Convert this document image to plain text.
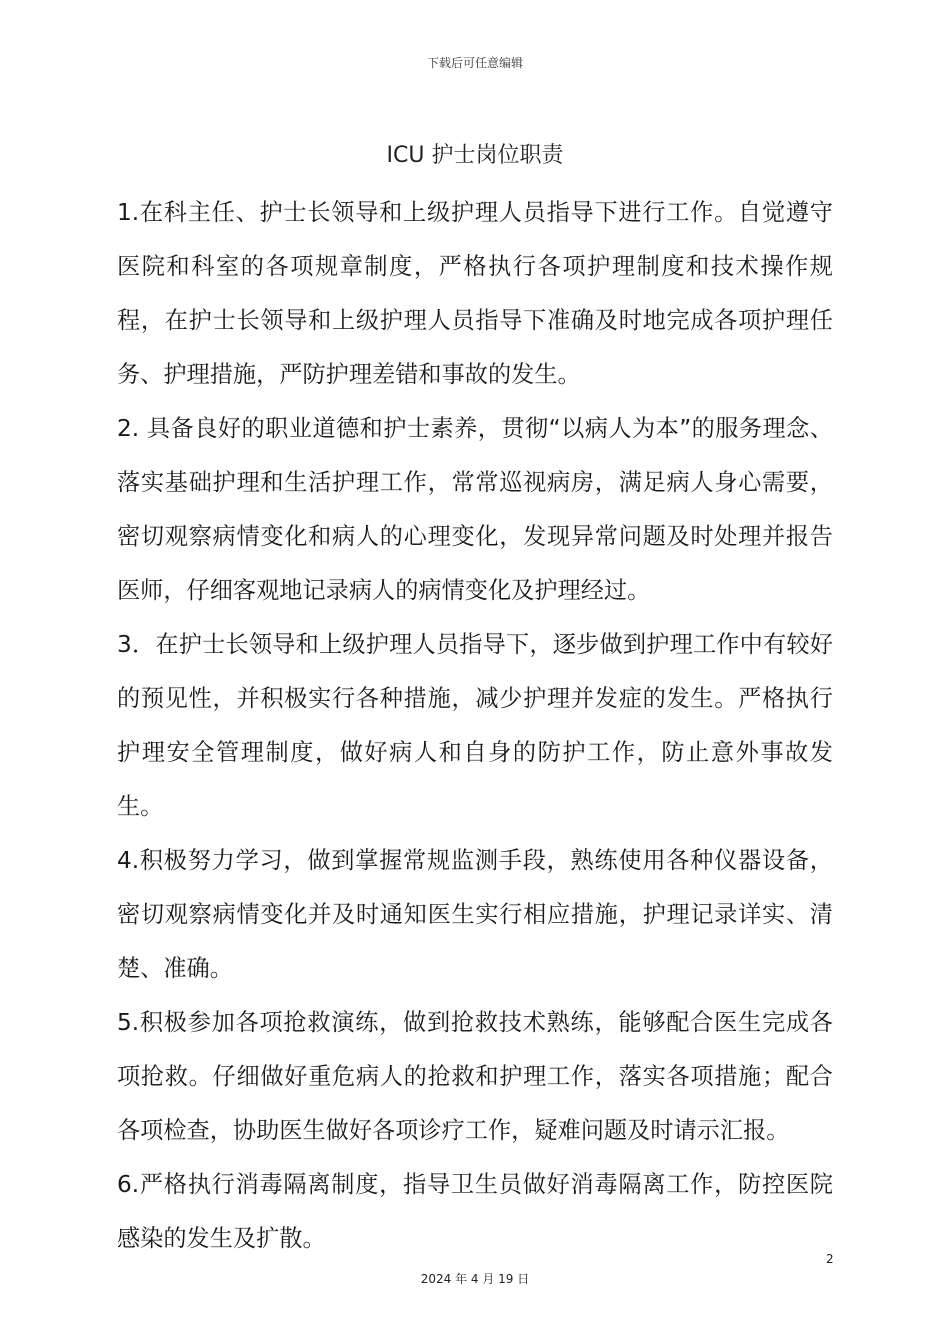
下载后可任意编辑
ICU 护士岗位职责

1.在科主任、护士长领导和上级护理人员指导下进行工作。自觉遵守医院和科室的各项规章制度，严格执行各项护理制度和技术操作规程，在护士长领导和上级护理人员指导下准确及时地完成各项护理任务、护理措施，严防护理差错和事故的发生。

2. 具备良好的职业道德和护士素养，贯彻“以病人为本”的服务理念、落实基础护理和生活护理工作，常常巡视病房，满足病人身心需要，密切观察病情变化和病人的心理变化，发现异常问题及时处理并报告医师，仔细客观地记录病人的病情变化及护理经过。

3．在护士长领导和上级护理人员指导下，逐步做到护理工作中有较好的预见性，并积极实行各种措施，减少护理并发症的发生。严格执行护理安全管理制度，做好病人和自身的防护工作，防止意外事故发生。

4.积极努力学习，做到掌握常规监测手段，熟练使用各种仪器设备，密切观察病情变化并及时通知医生实行相应措施，护理记录详实、清楚、准确。

5.积极参加各项抢救演练，做到抢救技术熟练，能够配合医生完成各项抢救。仔细做好重危病人的抢救和护理工作，落实各项措施；配合各项检查，协助医生做好各项诊疗工作，疑难问题及时请示汇报。

6.严格执行消毒隔离制度，指导卫生员做好消毒隔离工作，防控医院感染的发生及扩散。

2
2024 年 4 月 19 日
